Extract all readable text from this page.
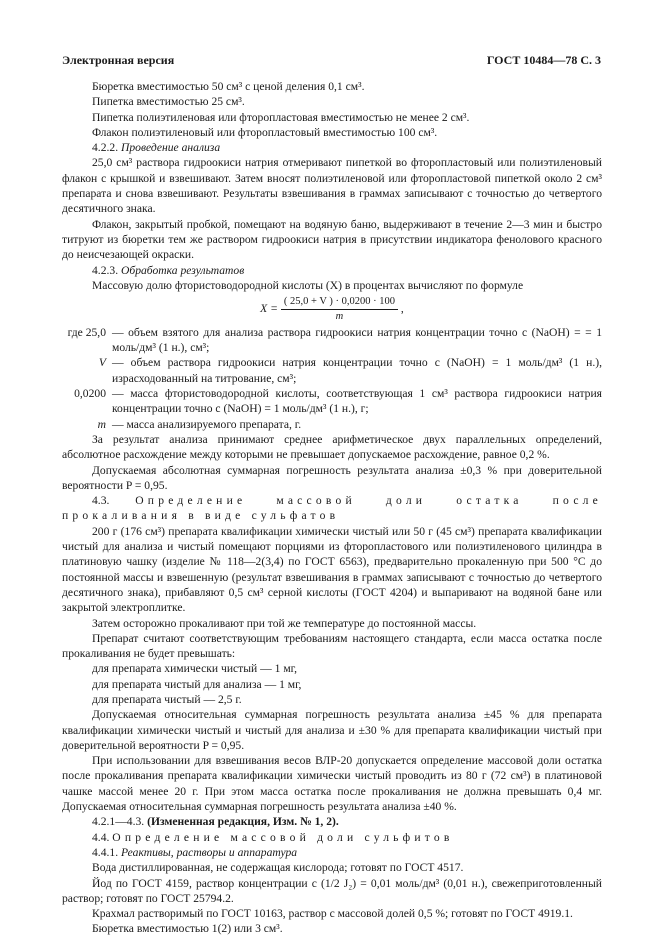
Электронная версия	ГОСТ 10484—78 С. 3

Бюретка вместимостью 50 см³ с ценой деления 0,1 см³.

Пипетка вместимостью 25 см³.

Пипетка полиэтиленовая или фторопластовая вместимостью не менее 2 см³.

Флакон полиэтиленовый или фторопластовый вместимостью 100 см³.

4.2.2. Проведение анализа

25,0 см³ раствора гидроокиси натрия отмеривают пипеткой во фторопластовый или полиэтиленовый флакон с крышкой и взвешивают. Затем вносят полиэтиленовой или фторопластовой пипеткой около 2 см³ препарата и снова взвешивают. Результаты взвешивания в граммах записывают с точностью до четвертого десятичного знака.

Флакон, закрытый пробкой, помещают на водяную баню, выдерживают в течение 2—3 мин и быстро титруют из бюретки тем же раствором гидроокиси натрия в присутствии индикатора фенолового красного до неисчезающей окраски.

4.2.3. Обработка результатов

Массовую долю фтористоводородной кислоты (X) в процентах вычисляют по формуле

$X = \frac{( 25,0 + V ) \cdot 0,0200 \cdot 100}{m}$ ,
где 25,0	— объем взятого для анализа раствора гидроокиси натрия концентрации точно c (NaOH) = = 1 моль/дм³ (1 н.), см³;
V	— объем раствора гидроокиси натрия концентрации точно c (NaOH) = 1 моль/дм³ (1 н.), израсходованный на титрование, см³;
0,0200	— масса фтористоводородной кислоты, соответствующая 1 см³ раствора гидроокиси натрия концентрации точно c (NaOH) = 1 моль/дм³ (1 н.), г;
m	— масса анализируемого препарата, г.

За результат анализа принимают среднее арифметическое двух параллельных определений, абсолютное расхождение между которыми не превышает допускаемое расхождение, равное 0,2 %.

Допускаемая абсолютная суммарная погрешность результата анализа ±0,3 % при доверительной вероятности P = 0,95.

4.3. Определение массовой доли остатка после прокаливания в виде сульфатов

200 г (176 см³) препарата квалификации химически чистый или 50 г (45 см³) препарата квалификации чистый для анализа и чистый помещают порциями из фторопластового или полиэтиленового цилиндра в платиновую чашку (изделие № 118—2(3,4) по ГОСТ 6563), предварительно прокаленную при 500 °С до постоянной массы и взвешенную (результат взвешивания в граммах записывают с точностью до четвертого десятичного знака), прибавляют 0,5 см³ серной кислоты (ГОСТ 4204) и выпаривают на водяной бане или закрытой электроплитке.

Затем осторожно прокаливают при той же температуре до постоянной массы.

Препарат считают соответствующим требованиям настоящего стандарта, если масса остатка после прокаливания не будет превышать:

для препарата химически чистый — 1 мг,

для препарата чистый для анализа — 1 мг,

для препарата чистый — 2,5 г.

Допускаемая относительная суммарная погрешность результата анализа ±45 % для препарата квалификации химически чистый и чистый для анализа и ±30 % для препарата квалификации чистый при доверительной вероятности P = 0,95.

При использовании для взвешивания весов ВЛР-20 допускается определение массовой доли остатка после прокаливания препарата квалификации химически чистый проводить из 80 г (72 см³) в платиновой чашке массой менее 20 г. При этом масса остатка после прокаливания не должна превышать 0,4 мг. Допускаемая относительная суммарная погрешность результата анализа ±40 %.

4.2.1—4.3. (Измененная редакция, Изм. № 1, 2).

4.4. Определение массовой доли сульфитов

4.4.1. Реактивы, растворы и аппаратура

Вода дистиллированная, не содержащая кислорода; готовят по ГОСТ 4517.

Йод по ГОСТ 4159, раствор концентрации c (1/2 J₂) = 0,01 моль/дм³ (0,01 н.), свежеприготовленный раствор; готовят по ГОСТ 25794.2.

Крахмал растворимый по ГОСТ 10163, раствор с массовой долей 0,5 %; готовят по ГОСТ 4919.1.

Бюретка вместимостью 1(2) или 3 см³.
